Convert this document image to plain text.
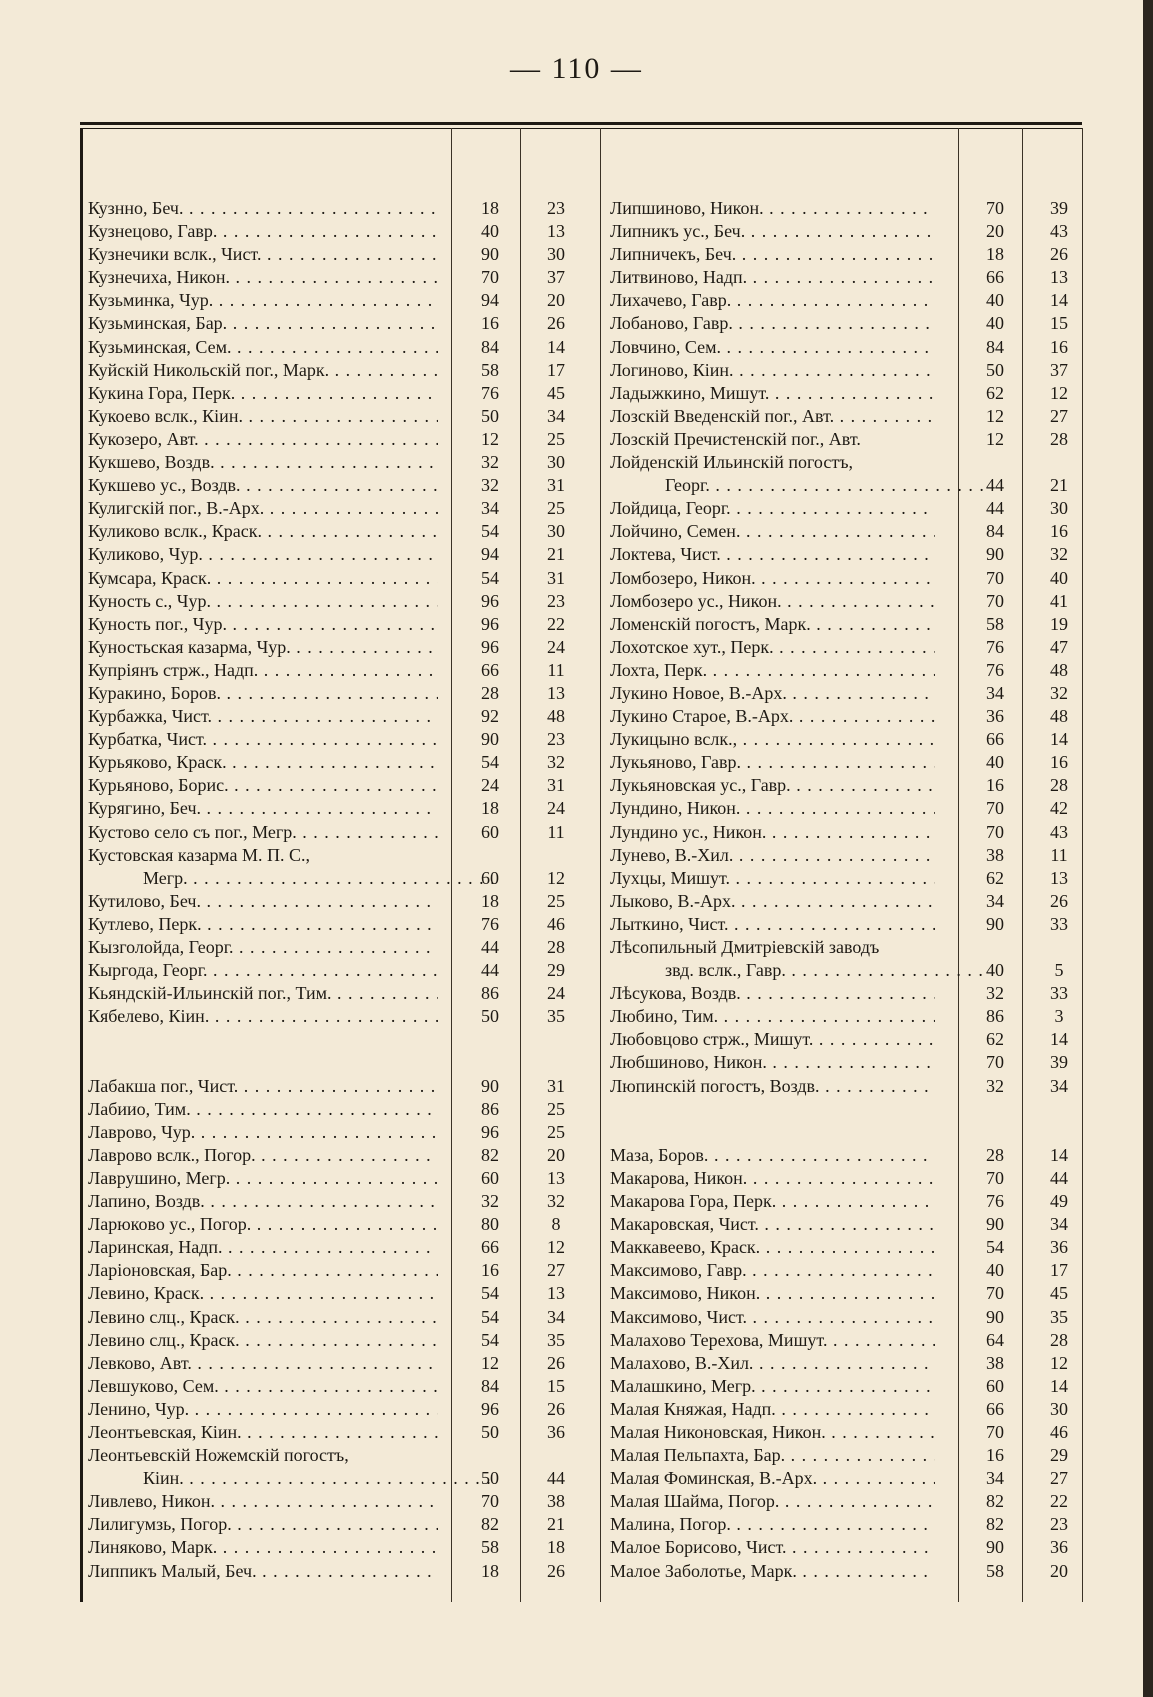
— 110 —
Кузнно, Беч. . . .	18	23
Кузнецово, Гавр. . . .	40	13
Кузнечики вслк., Чист. . . .	90	30
Кузнечиха, Никон. . . .	70	37
Кузьминка, Чур. . . .	94	20
Кузьминская, Бар. . . .	16	26
Кузьминская, Сем. . . .	84	14
Куйскій Никольскій пог., Марк. . . .	58	17
Кукина Гора, Перк. . . .	76	45
Кукоево вслк., Кiин. . . .	50	34
Кукозеро, Авт. . . .	12	25
Кукшево, Воздв. . . .	32	30
Кукшево ус., Воздв. . . .	32	31
Кулигскій пог., В.-Арх. . . .	34	25
Куликово вслк., Краск. . . .	54	30
Куликово, Чур. . . .	94	21
Кумсара, Краск. . . .	54	31
Куность с., Чур. . . .	96	23
Куность пог., Чур. . . .	96	22
Куностьская казарма, Чур. . . .	96	24
Купріянъ стрж., Надп. . . .	66	11
Куракино, Боров. . . .	28	13
Курбажка, Чист. . . .	92	48
Курбатка, Чист. . . .	90	23
Курьяково, Краск. . . .	54	32
Курьяново, Борис. . . .	24	31
Курягино, Беч. . . .	18	24
Кустово село съ пог., Мегр. . . .	60	11
Кустовская казарма М. П. С.,
Мегр. . . .	60	12
Кутилово, Беч. . . .	18	25
Кутлево, Перк. . . .	76	46
Кызголойда, Георг. . . .	44	28
Кыргода, Георг. . . .	44	29
Кьяндскій-Ильинскій пог., Тим. . . .	86	24
Кябелево, Кiин. . . .	50	35
Лабакша пог., Чист. . . .	90	31
Лабиио, Тим. . . .	86	25
Лаврово, Чур. . . .	96	25
Лаврово вслк., Погор. . . .	82	20
Лаврушино, Мегр. . . .	60	13
Лапино, Воздв. . . .	32	32
Ларюково ус., Погор. . . .	80	8
Ларинская, Надп. . . .	66	12
Ларіоновская, Бар. . . .	16	27
Левино, Краск. . . .	54	13
Левино слц., Краск. . . .	54	34
Левино слц., Краск. . . .	54	35
Левково, Авт. . . .	12	26
Левшуково, Сем. . . .	84	15
Ленино, Чур. . . .	96	26
Леонтьевская, Кiин. . . .	50	36
Леонтьевскій Ножемскій погостъ,
Кiин. . . .	50	44
Ливлево, Никон. . . .	70	38
Лилигумзь, Погор. . . .	82	21
Линяково, Марк. . . .	58	18
Липпикъ Малый, Беч. . . .	18	26
Липшиново, Никон. . . .	70	39
Липникъ ус., Беч. . . .	20	43
Липничекъ, Беч. . . .	18	26
Литвиново, Надп. . . .	66	13
Лихачево, Гавр. . . .	40	14
Лобаново, Гавр. . . .	40	15
Ловчино, Сем. . . .	84	16
Логиново, Кiин. . . .	50	37
Ладыжкино, Мишут. . . .	62	12
Лозскій Введенскій пог., Авт. . . .	12	27
Лозскій Пречистенскій пог., Авт.	12	28
Лойденскій Ильинскій погостъ,
Георг. . . .	44	21
Лойдица, Георг. . . .	44	30
Лойчино, Семен. . . .	84	16
Локтева, Чист. . . .	90	32
Ломбозеро, Никон. . . .	70	40
Ломбозеро ус., Никон. . . .	70	41
Ломенскій погостъ, Марк. . . .	58	19
Лохотское хут., Перк. . . .	76	47
Лохта, Перк. . . .	76	48
Лукино Новое, В.-Арх. . . .	34	32
Лукино Старое, В.-Арх. . . .	36	48
Лукицыно вслк., . . .	66	14
Лукьяново, Гавр. . . .	40	16
Лукьяновская ус., Гавр. . . .	16	28
Лундино, Никон. . . .	70	42
Лундино ус., Никон. . . .	70	43
Лунево, В.-Хил. . . .	38	11
Лухцы, Мишут. . . .	62	13
Лыково, В.-Арх. . . .	34	26
Лыткино, Чист. . . .	90	33
Лѣсопильный Дмитріевскій заводъ
звд. вслк., Гавр. . . .	40	5
Лѣсукова, Воздв. . . .	32	33
Любино, Тим. . . .	86	3
Любовцово стрж., Мишут. . . .	62	14
Любшиново, Никон. . . .	70	39
Люпинскій погостъ, Воздв. . . .	32	34
Маза, Боров. . . .	28	14
Макарова, Никон. . . .	70	44
Макарова Гора, Перк. . . .	76	49
Макаровская, Чист. . . .	90	34
Маккавеево, Краск. . . .	54	36
Максимово, Гавр. . . .	40	17
Максимово, Никон. . . .	70	45
Максимово, Чист. . . .	90	35
Малахово Терехова, Мишут. . . .	64	28
Малахово, В.-Хил. . . .	38	12
Малашкино, Мегр. . . .	60	14
Малая Княжая, Надп. . . .	66	30
Малая Никоновская, Никон. . . .	70	46
Малая Пельпахта, Бар. . . .	16	29
Малая Фоминская, В.-Арх. . . .	34	27
Малая Шайма, Погор. . . .	82	22
Малина, Погор. . . .	82	23
Малое Борисово, Чист. . . .	90	36
Малое Заболотье, Марк. . . .	58	20
